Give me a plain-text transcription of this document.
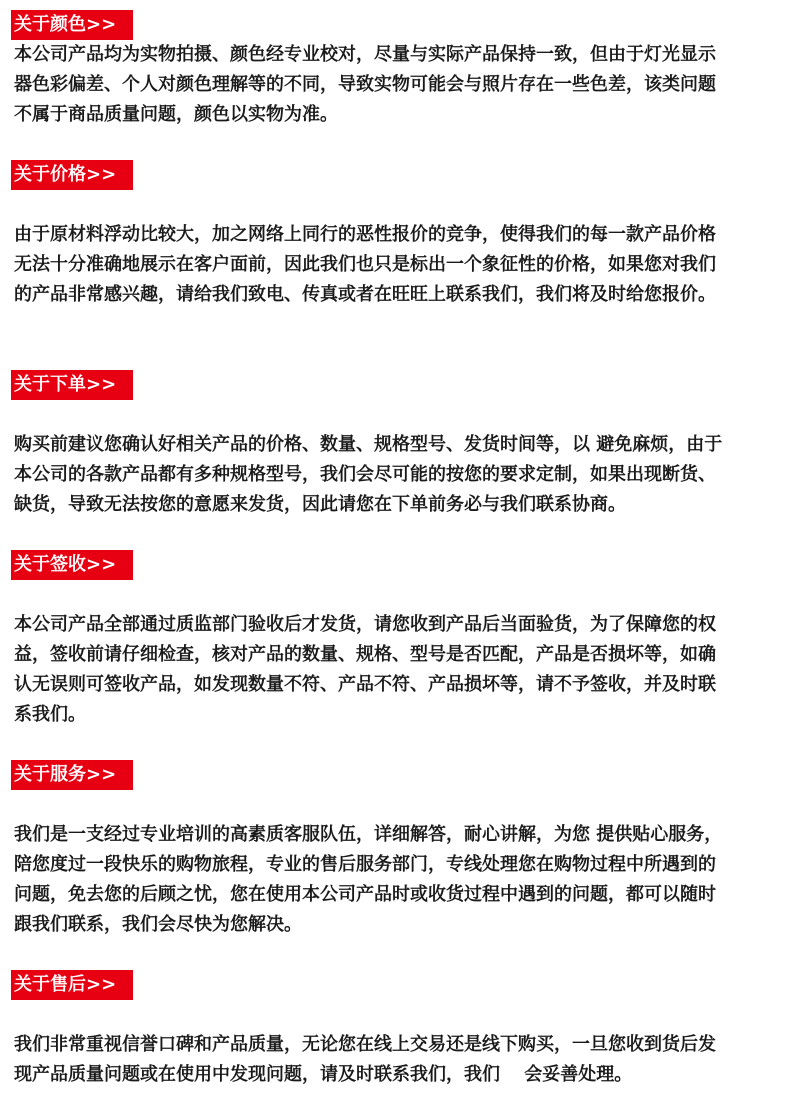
关于颜色>>
本公司产品均为实物拍摄、颜色经专业校对，尽量与实际产品保持一致，但由于灯光显示
器色彩偏差、个人对颜色理解等的不同，导致实物可能会与照片存在一些色差，该类问题
不属于商品质量问题，颜色以实物为准。
关于价格>>
由于原材料浮动比较大，加之网络上同行的恶性报价的竞争，使得我们的每一款产品价格
无法十分准确地展示在客户面前，因此我们也只是标出一个象征性的价格，如果您对我们
的产品非常感兴趣，请给我们致电、传真或者在旺旺上联系我们，我们将及时给您报价。
关于下单>>
购买前建议您确认好相关产品的价格、数量、规格型号、发货时间等，以 避免麻烦，由于
本公司的各款产品都有多种规格型号，我们会尽可能的按您的要求定制，如果出现断货、
缺货，导致无法按您的意愿来发货，因此请您在下单前务必与我们联系协商。
关于签收>>
本公司产品全部通过质监部门验收后才发货，请您收到产品后当面验货，为了保障您的权
益，签收前请仔细检查，核对产品的数量、规格、型号是否匹配，产品是否损坏等，如确
认无误则可签收产品，如发现数量不符、产品不符、产品损坏等，请不予签收，并及时联
系我们。
关于服务>>
我们是一支经过专业培训的高素质客服队伍，详细解答，耐心讲解，为您 提供贴心服务，
陪您度过一段快乐的购物旅程，专业的售后服务部门，专线处理您在购物过程中所遇到的
问题，免去您的后顾之忧，您在使用本公司产品时或收货过程中遇到的问题，都可以随时
跟我们联系，我们会尽快为您解决。
关于售后>>
我们非常重视信誉口碑和产品质量，无论您在线上交易还是线下购买，一旦您收到货后发
现产品质量问题或在使用中发现问题，请及时联系我们，我们　 会妥善处理。
